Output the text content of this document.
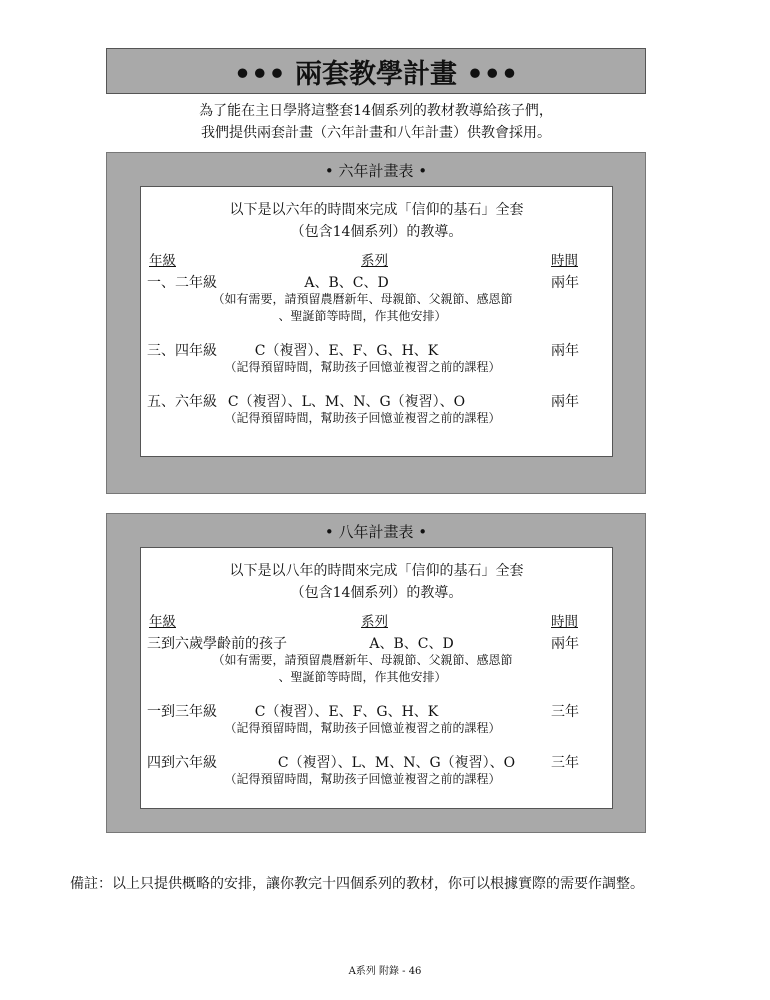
••• 兩套教學計畫 •••
為了能在主日學將這整套14個系列的教材教導給孩子們，
我們提供兩套計畫（六年計畫和八年計畫）供教會採用。
• 六年計畫表 •
以下是以六年的時間來完成「信仰的基石」全套
（包含14個系列）的教導。
年級	系列	時間
一、二年級	A、B、C、D	兩年
（如有需要，請預留農曆新年、母親節、父親節、感恩節
、聖誕節等時間，作其他安排）
三、四年級	C（複習）、E、F、G、H、K	兩年
（記得預留時間，幫助孩子回憶並複習之前的課程）
五、六年級 C（複習）、L、M、N、G（複習）、O	兩年
（記得預留時間，幫助孩子回憶並複習之前的課程）
• 八年計畫表 •
以下是以八年的時間來完成「信仰的基石」全套
（包含14個系列）的教導。
年級	系列	時間
三到六歲學齡前的孩子	A、B、C、D	兩年
（如有需要，請預留農曆新年、母親節、父親節、感恩節
、聖誕節等時間，作其他安排）
一到三年級	C（複習）、E、F、G、H、K	三年
（記得預留時間，幫助孩子回憶並複習之前的課程）
四到六年級	C（複習）、L、M、N、G（複習）、O	三年
（記得預留時間，幫助孩子回憶並複習之前的課程）
備註：以上只提供概略的安排，讓你教完十四個系列的教材，你可以根據實際的需要作調整。
A系列 附錄 - 46
